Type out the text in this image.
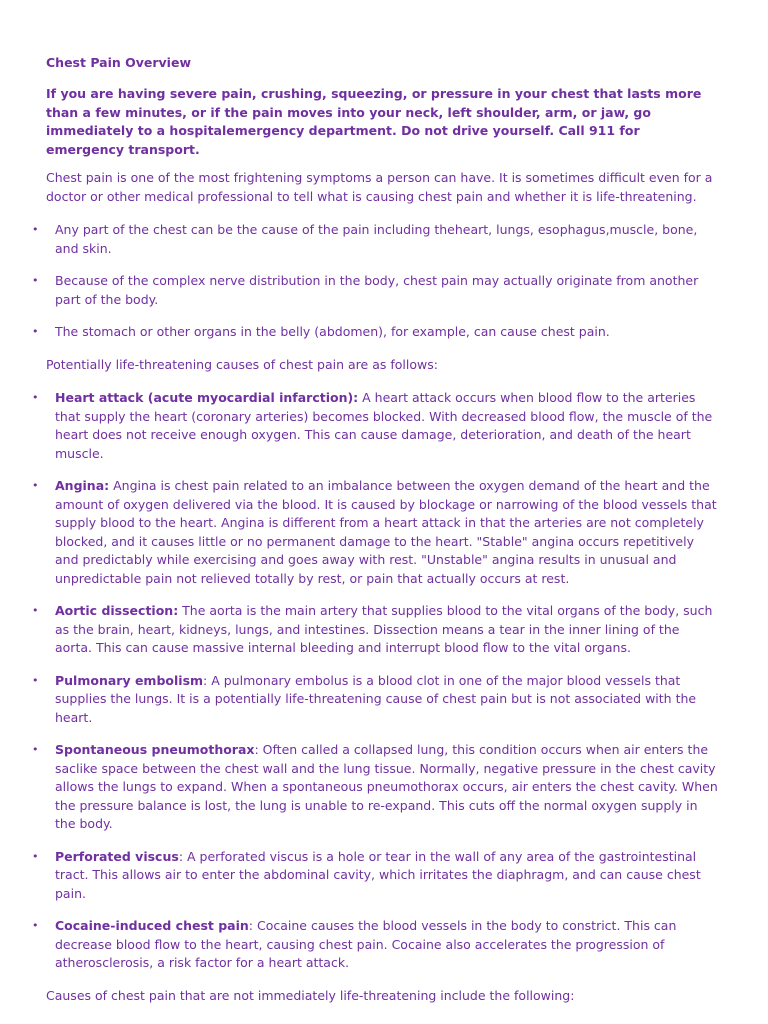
Chest Pain Overview
If you are having severe pain, crushing, squeezing, or pressure in your chest that lasts more than a few minutes, or if the pain moves into your neck, left shoulder, arm, or jaw, go immediately to a hospitalemergency department. Do not drive yourself. Call 911 for emergency transport.

Chest pain is one of the most frightening symptoms a person can have. It is sometimes difficult even for a doctor or other medical professional to tell what is causing chest pain and whether it is life-threatening.

• Any part of the chest can be the cause of the pain including theheart, lungs, esophagus,muscle, bone, and skin.
• Because of the complex nerve distribution in the body, chest pain may actually originate from another part of the body.
• The stomach or other organs in the belly (abdomen), for example, can cause chest pain.

Potentially life-threatening causes of chest pain are as follows:

• Heart attack (acute myocardial infarction): A heart attack occurs when blood flow to the arteries that supply the heart (coronary arteries) becomes blocked. With decreased blood flow, the muscle of the heart does not receive enough oxygen. This can cause damage, deterioration, and death of the heart muscle.
• Angina: Angina is chest pain related to an imbalance between the oxygen demand of the heart and the amount of oxygen delivered via the blood. It is caused by blockage or narrowing of the blood vessels that supply blood to the heart. Angina is different from a heart attack in that the arteries are not completely blocked, and it causes little or no permanent damage to the heart. "Stable" angina occurs repetitively and predictably while exercising and goes away with rest. "Unstable" angina results in unusual and unpredictable pain not relieved totally by rest, or pain that actually occurs at rest.
• Aortic dissection: The aorta is the main artery that supplies blood to the vital organs of the body, such as the brain, heart, kidneys, lungs, and intestines. Dissection means a tear in the inner lining of the aorta. This can cause massive internal bleeding and interrupt blood flow to the vital organs.
• Pulmonary embolism: A pulmonary embolus is a blood clot in one of the major blood vessels that supplies the lungs. It is a potentially life-threatening cause of chest pain but is not associated with the heart.
• Spontaneous pneumothorax: Often called a collapsed lung, this condition occurs when air enters the saclike space between the chest wall and the lung tissue. Normally, negative pressure in the chest cavity allows the lungs to expand. When a spontaneous pneumothorax occurs, air enters the chest cavity. When the pressure balance is lost, the lung is unable to re-expand. This cuts off the normal oxygen supply in the body.
• Perforated viscus: A perforated viscus is a hole or tear in the wall of any area of the gastrointestinal tract. This allows air to enter the abdominal cavity, which irritates the diaphragm, and can cause chest pain.
• Cocaine-induced chest pain: Cocaine causes the blood vessels in the body to constrict. This can decrease blood flow to the heart, causing chest pain. Cocaine also accelerates the progression of atherosclerosis, a risk factor for a heart attack.

Causes of chest pain that are not immediately life-threatening include the following:
